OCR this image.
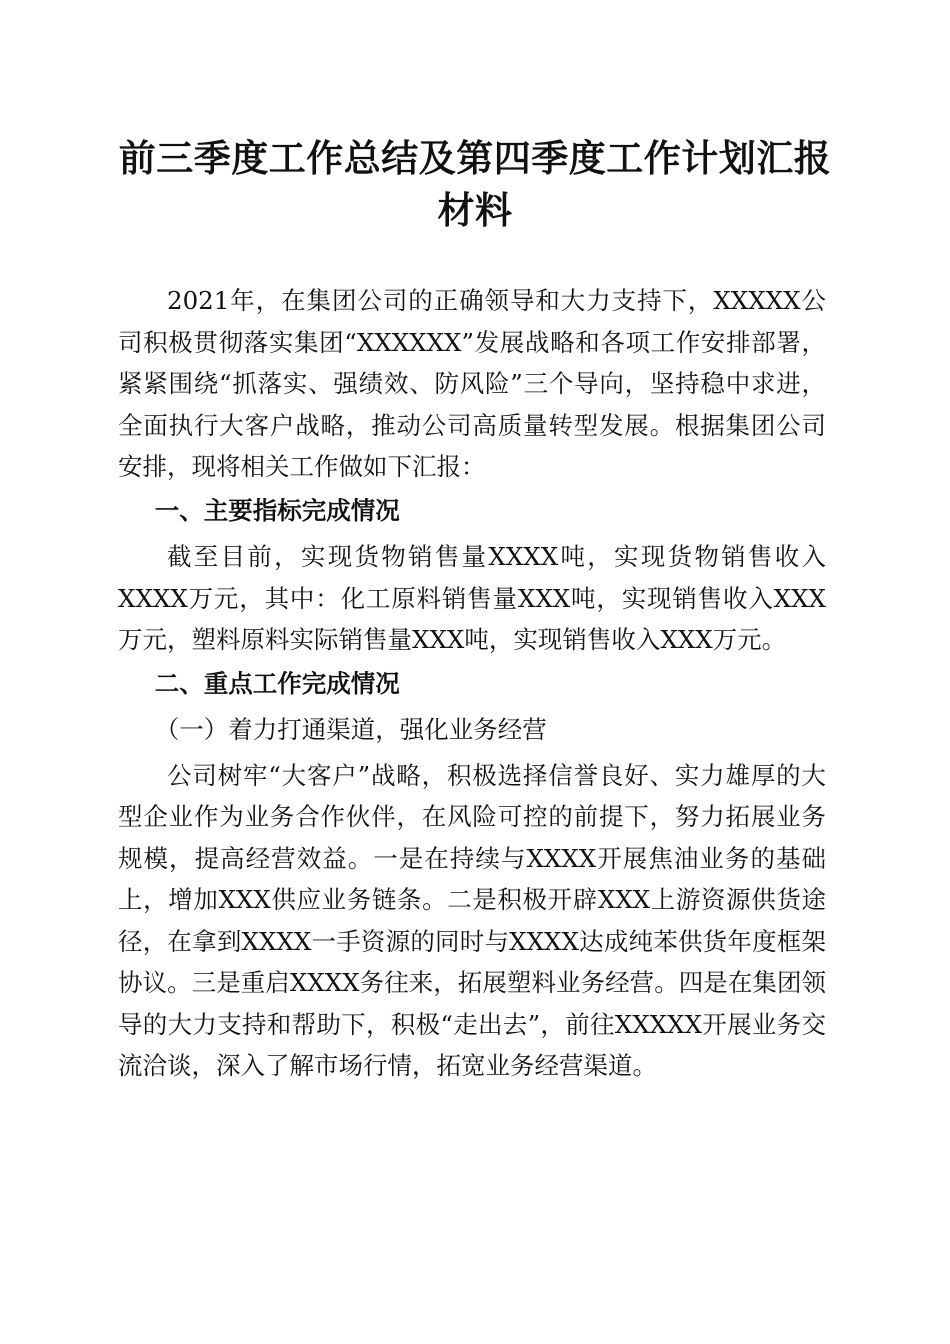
前三季度工作总结及第四季度工作计划汇报材料

2021年，在集团公司的正确领导和大力支持下，XXXXX公司积极贯彻落实集团“XXXXXX”发展战略和各项工作安排部署，紧紧围绕“抓落实、强绩效、防风险”三个导向，坚持稳中求进，全面执行大客户战略，推动公司高质量转型发展。根据集团公司安排，现将相关工作做如下汇报：

一、主要指标完成情况

截至目前，实现货物销售量XXXX吨，实现货物销售收入XXXX万元，其中：化工原料销售量XXX吨，实现销售收入XXX万元，塑料原料实际销售量XXX吨，实现销售收入XXX万元。

二、重点工作完成情况
（一）着力打通渠道，强化业务经营

公司树牢“大客户”战略，积极选择信誉良好、实力雄厚的大型企业作为业务合作伙伴，在风险可控的前提下，努力拓展业务规模，提高经营效益。一是在持续与XXXX开展焦油业务的基础上，增加XXX供应业务链条。二是积极开辟XXX上游资源供货途径，在拿到XXXX一手资源的同时与XXXX达成纯苯供货年度框架协议。三是重启XXXX务往来，拓展塑料业务经营。四是在集团领导的大力支持和帮助下，积极“走出去”，前往XXXXX开展业务交流洽谈，深入了解市场行情，拓宽业务经营渠道。
